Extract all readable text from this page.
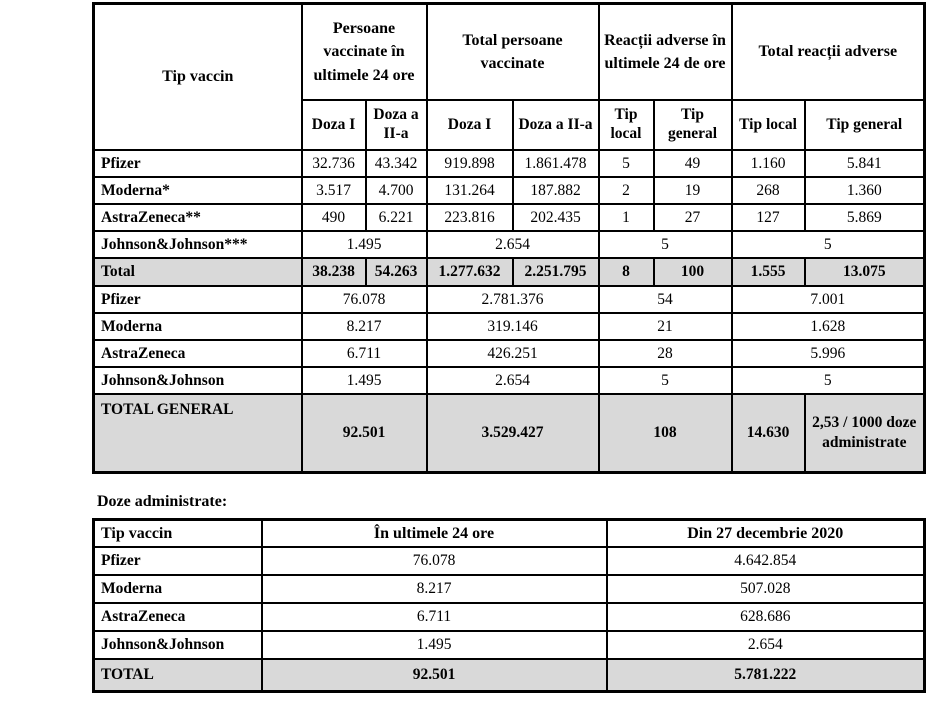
Tip vaccin	Persoane vaccinate în ultimele 24 ore		Total persoane vaccinate		Reacții adverse în ultimele 24 de ore		Total reacții adverse	
	Doza I	Doza a II-a	Doza I	Doza a II-a	Tip local	Tip general	Tip local	Tip general
Pfizer	32.736	43.342	919.898	1.861.478	5	49	1.160	5.841
Moderna*	3.517	4.700	131.264	187.882	2	19	268	1.360
AstraZeneca**	490	6.221	223.816	202.435	1	27	127	5.869
Johnson&Johnson***	1.495		2.654		5		5	
Total	38.238	54.263	1.277.632	2.251.795	8	100	1.555	13.075
Pfizer	76.078		2.781.376		54		7.001	
Moderna	8.217		319.146		21		1.628	
AstraZeneca	6.711		426.251		28		5.996	
Johnson&Johnson	1.495		2.654		5		5	
TOTAL GENERAL	92.501		3.529.427		108		14.630	2,53 / 1000 doze administrate
Doze administrate:
Tip vaccin	În ultimele 24 ore	Din 27 decembrie 2020
Pfizer	76.078	4.642.854
Moderna	8.217	507.028
AstraZeneca	6.711	628.686
Johnson&Johnson	1.495	2.654
TOTAL	92.501	5.781.222
